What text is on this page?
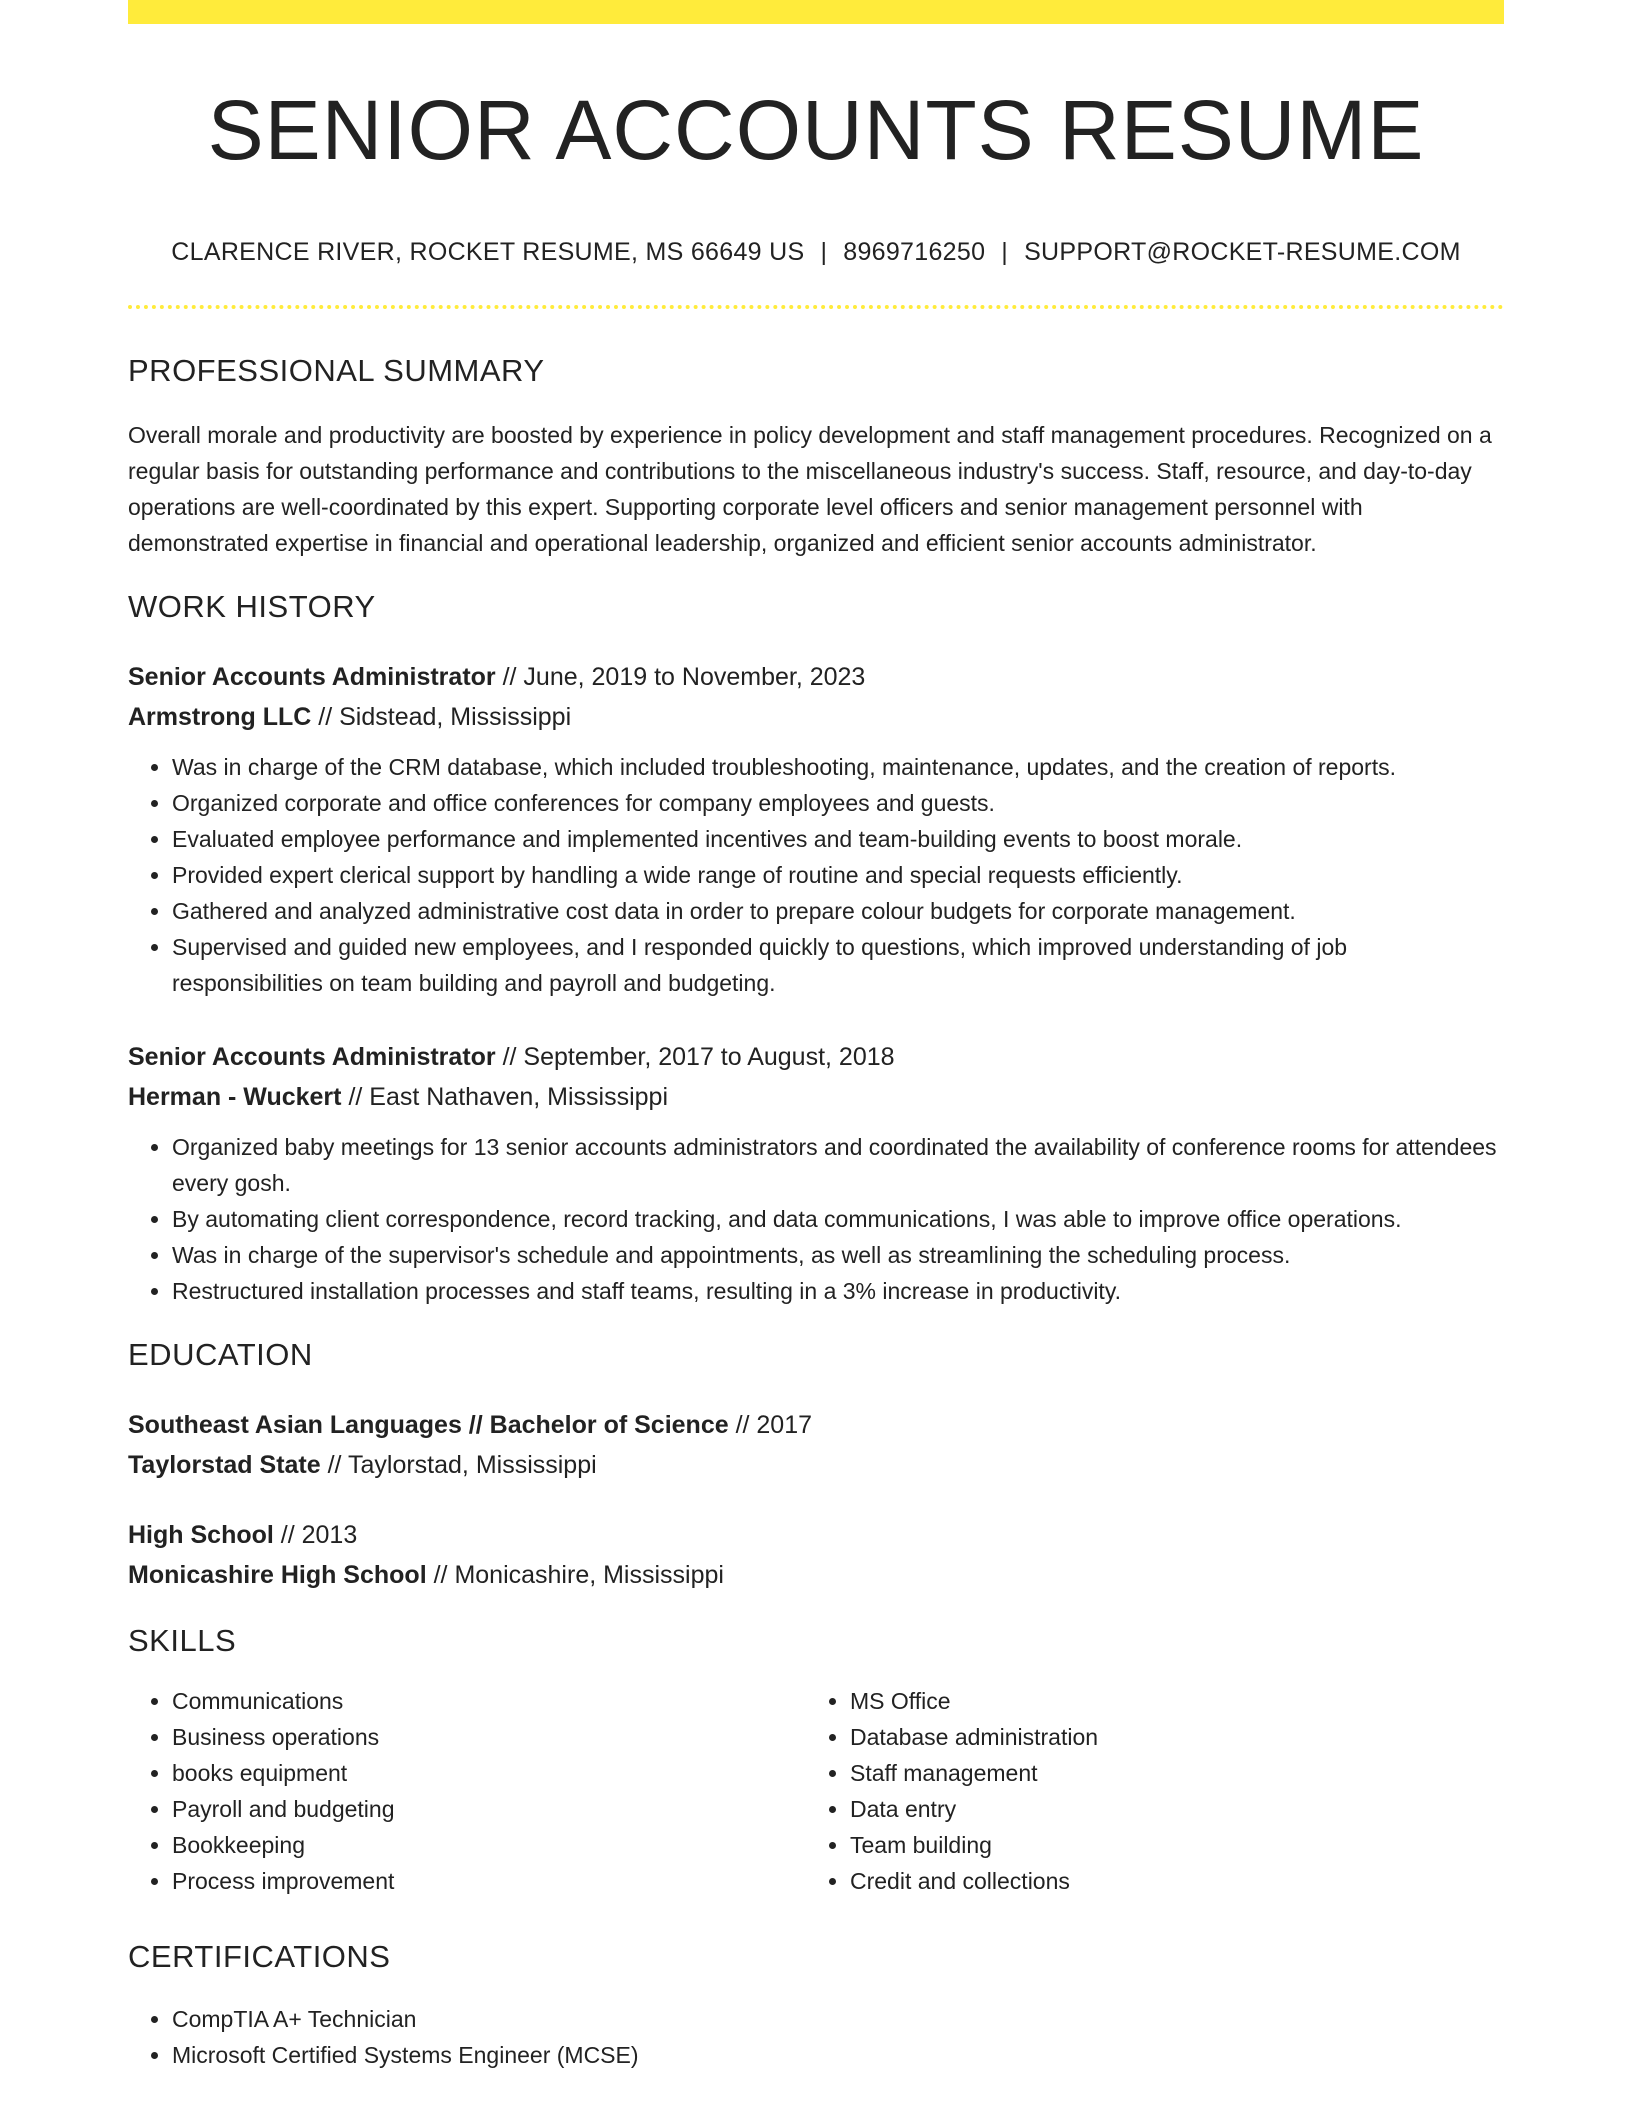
SENIOR ACCOUNTS RESUME
CLARENCE RIVER, ROCKET RESUME, MS 66649 US | 8969716250 | SUPPORT@ROCKET-RESUME.COM
PROFESSIONAL SUMMARY

Overall morale and productivity are boosted by experience in policy development and staff management procedures. Recognized on a regular basis for outstanding performance and contributions to the miscellaneous industry's success. Staff, resource, and day-to-day operations are well-coordinated by this expert. Supporting corporate level officers and senior management personnel with demonstrated expertise in financial and operational leadership, organized and efficient senior accounts administrator.

WORK HISTORY
Senior Accounts Administrator // June, 2019 to November, 2023
Armstrong LLC // Sidstead, Mississippi
• Was in charge of the CRM database, which included troubleshooting, maintenance, updates, and the creation of reports.
• Organized corporate and office conferences for company employees and guests.
• Evaluated employee performance and implemented incentives and team-building events to boost morale.
• Provided expert clerical support by handling a wide range of routine and special requests efficiently.
• Gathered and analyzed administrative cost data in order to prepare colour budgets for corporate management.
• Supervised and guided new employees, and I responded quickly to questions, which improved understanding of job responsibilities on team building and payroll and budgeting.
Senior Accounts Administrator // September, 2017 to August, 2018
Herman - Wuckert // East Nathaven, Mississippi
• Organized baby meetings for 13 senior accounts administrators and coordinated the availability of conference rooms for attendees every gosh.
• By automating client correspondence, record tracking, and data communications, I was able to improve office operations.
• Was in charge of the supervisor's schedule and appointments, as well as streamlining the scheduling process.
• Restructured installation processes and staff teams, resulting in a 3% increase in productivity.
EDUCATION
Southeast Asian Languages // Bachelor of Science // 2017
Taylorstad State // Taylorstad, Mississippi
High School // 2013
Monicashire High School // Monicashire, Mississippi
SKILLS
• Communications
• Business operations
• books equipment
• Payroll and budgeting
• Bookkeeping
• Process improvement
• MS Office
• Database administration
• Staff management
• Data entry
• Team building
• Credit and collections
CERTIFICATIONS
• CompTIA A+ Technician
• Microsoft Certified Systems Engineer (MCSE)
